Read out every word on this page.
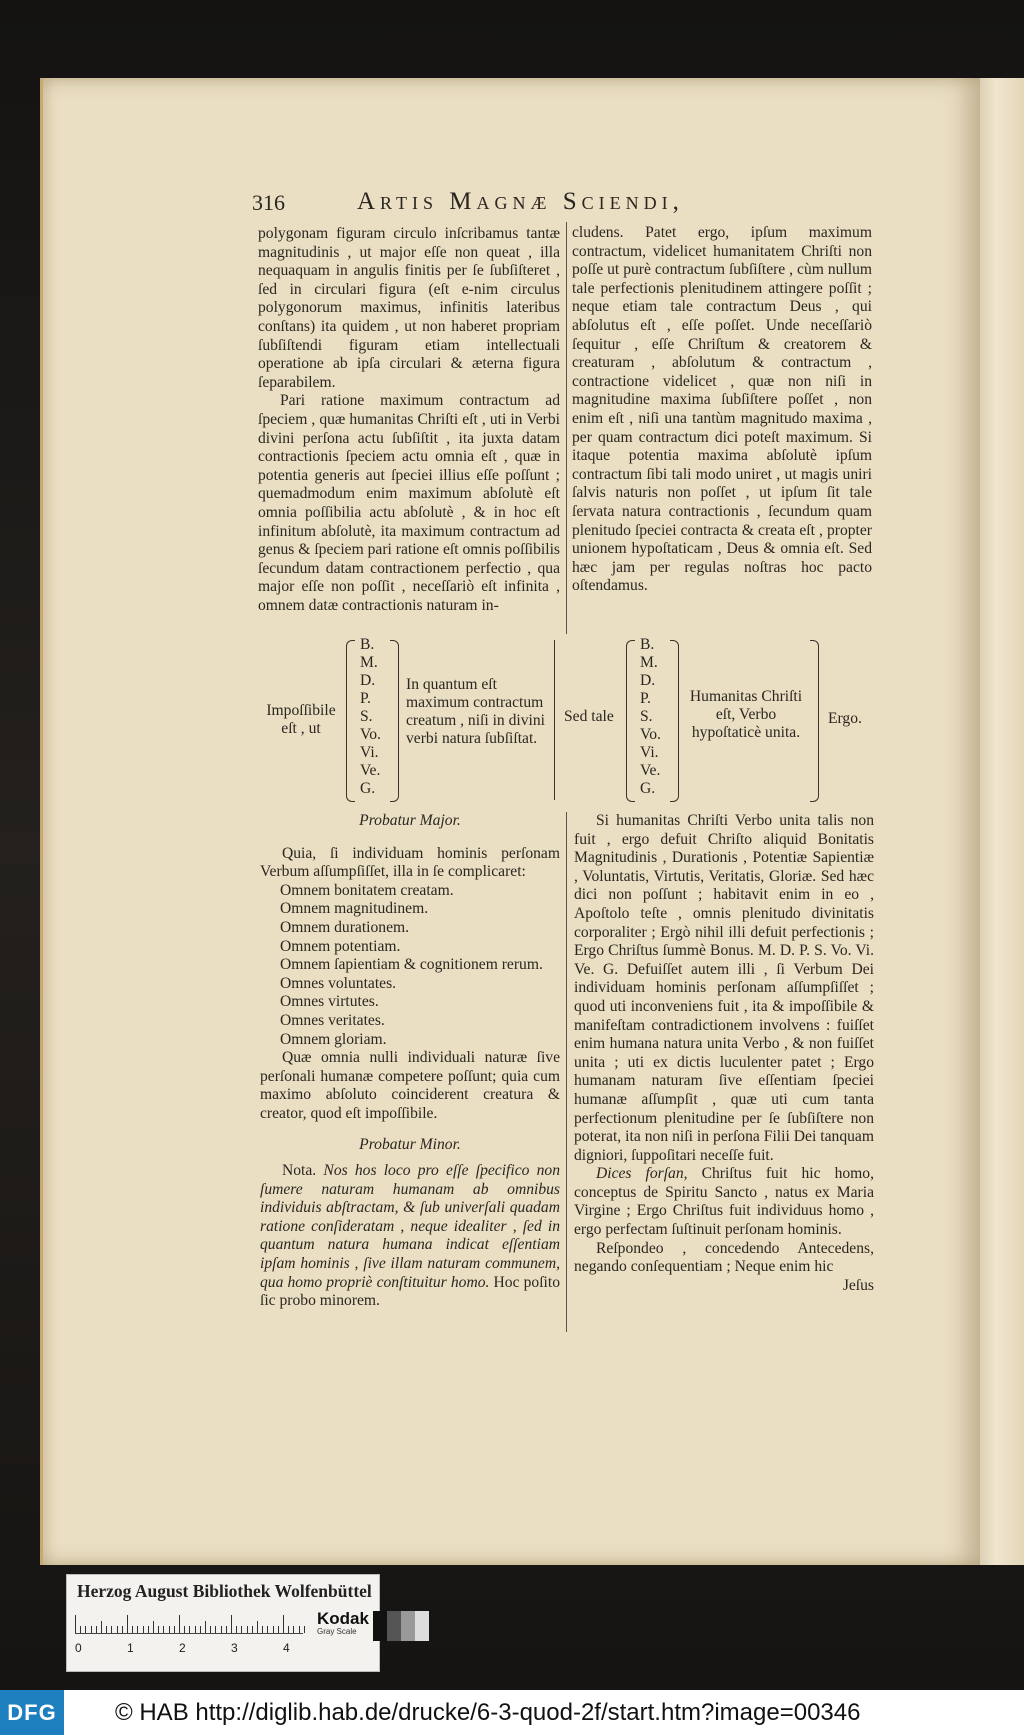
316	Artis Magnæ Sciendi,

polygonam figuram circulo inſcribamus tantæ magnitudinis , ut major eſſe non queat , illa nequaquam in angulis finitis per ſe ſubſiſteret , ſed in circulari figura (eſt e-nim circulus polygonorum maximus, infinitis lateribus conſtans) ita quidem , ut non haberet propriam ſubſiſtendi figuram etiam intellectuali operatione ab ipſa circulari & æterna figura ſeparabilem.

Pari ratione maximum contractum ad ſpeciem , quæ humanitas Chriſti eſt , uti in Verbi divini perſona actu ſubſiſtit , ita juxta datam contractionis ſpeciem actu omnia eſt , quæ in potentia generis aut ſpeciei illius eſſe poſſunt ; quemadmodum enim maximum abſolutè eſt omnia poſſibilia actu abſolutè , & in hoc eſt infinitum abſolutè, ita maximum contractum ad genus & ſpeciem pari ratione eſt omnis poſſibilis ſecundum datam contractionem perfectio , qua major eſſe non poſſit , neceſſariò eſt infinita , omnem datæ contractionis naturam in-

cludens. Patet ergo, ipſum maximum contractum, videlicet humanitatem Chriſti non poſſe ut purè contractum ſubſiſtere , cùm nullum tale perfectionis plenitudinem attingere poſſit ; neque etiam tale contractum Deus , qui abſolutus eſt , eſſe poſſet. Unde neceſſariò ſequitur , eſſe Chriſtum & creatorem & creaturam , abſolutum & contractum , contractione videlicet , quæ non niſi in magnitudine maxima ſubſiſtere poſſet , non enim eſt , niſi una tantùm magnitudo maxima , per quam contractum dici poteſt maximum. Si itaque potentia maxima abſolutè ipſum contractum ſibi tali modo uniret , ut magis uniri ſalvis naturis non poſſet , ut ipſum ſit tale ſervata natura contractionis , ſecundum quam plenitudo ſpeciei contracta & creata eſt , propter unionem hypoſtaticam , Deus & omnia eſt. Sed hæc jam per regulas noſtras hoc pacto oſtendamus.

Impoſſibile
eſt , ut
B.
M.
D.
P.
S.
Vo.
Vi.
Ve.
G.
In quantum eſt maximum contractum creatum , niſi in divini verbi natura ſubſiſtat.
Sed tale
B.
M.
D.
P.
S.
Vo.
Vi.
Ve.
G.
Humanitas Chriſti eſt, Verbo hypoſtaticè unita.
Ergo.

Probatur Major.

Quia, ſi individuam hominis perſonam Verbum aſſumpſiſſet, illa in ſe complicaret:

Omnem bonitatem creatam.

Omnem magnitudinem.

Omnem durationem.

Omnem potentiam.

Omnem ſapientiam & cognitionem rerum.

Omnes voluntates.

Omnes virtutes.

Omnes veritates.

Omnem gloriam.

Quæ omnia nulli individuali naturæ ſive perſonali humanæ competere poſſunt; quia cum maximo abſoluto coinciderent creatura & creator, quod eſt impoſſibile.

Probatur Minor.

Nota. Nos hos loco pro eſſe ſpecifico non ſumere naturam humanam ab omnibus individuis abſtractam, & ſub univerſali quadam ratione conſideratam , neque idealiter , ſed in quantum natura humana indicat eſſentiam ipſam hominis , ſive illam naturam communem, qua homo propriè conſtituitur homo. Hoc poſito ſic probo minorem.

Si humanitas Chriſti Verbo unita talis non fuit , ergo defuit Chriſto aliquid Bonitatis Magnitudinis , Durationis , Potentiæ Sapientiæ , Voluntatis, Virtutis, Veritatis, Gloriæ. Sed hæc dici non poſſunt ; habitavit enim in eo , Apoſtolo teſte , omnis plenitudo divinitatis corporaliter ; Ergò nihil illi defuit perfectionis ; Ergo Chriſtus ſummè Bonus. M. D. P. S. Vo. Vi. Ve. G. Defuiſſet autem illi , ſi Verbum Dei individuam hominis perſonam aſſumpſiſſet ; quod uti inconveniens fuit , ita & impoſſibile & manifeſtam contradictionem involvens : fuiſſet enim humana natura unita Verbo , & non fuiſſet unita ; uti ex dictis luculenter patet ; Ergo humanam naturam ſive eſſentiam ſpeciei humanæ aſſumpſit , quæ uti cum tanta perfectionum plenitudine per ſe ſubſiſtere non poterat, ita non niſi in perſona Filii Dei tanquam digniori, ſuppoſitari neceſſe fuit.

Dices forſan, Chriſtus fuit hic homo, conceptus de Spiritu Sancto , natus ex Maria Virgine ; Ergo Chriſtus fuit individuus homo , ergo perfectam ſuſtinuit perſonam hominis.

Reſpondeo , concedendo Antecedens, negando conſequentiam ; Neque enim hic

Jeſus

Herzog August Bibliothek Wolfenbüttel
0	1	2	3	4
Kodak
Gray Scale
DFG	© HAB http://diglib.hab.de/drucke/6-3-quod-2f/start.htm?image=00346
